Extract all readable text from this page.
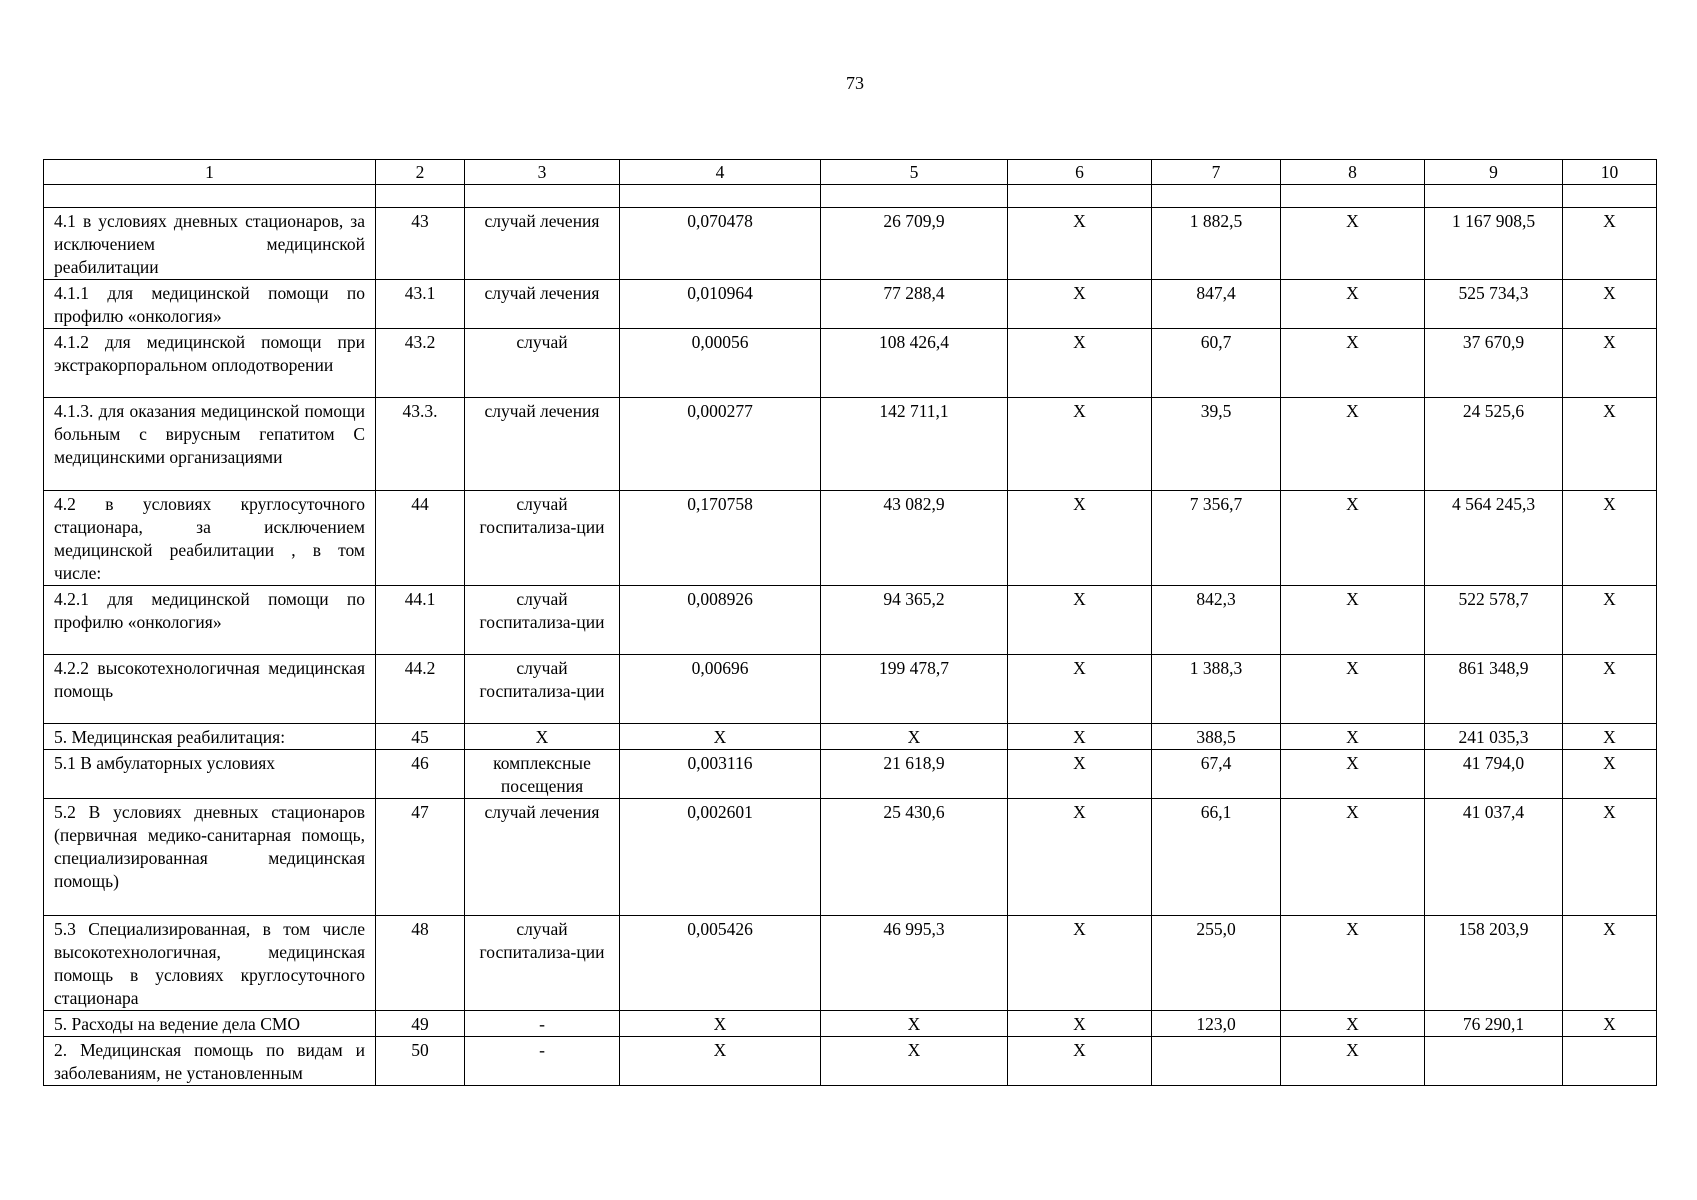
73
1	2	3	4	5	6	7	8	9	10

4.1 в условиях дневных стационаров, за исключением медицинской реабилитации	43	случай лечения	0,070478	26 709,9	X	1 882,5	X	1 167 908,5	X
4.1.1 для медицинской помощи по профилю «онкология»	43.1	случай лечения	0,010964	77 288,4	X	847,4	X	525 734,3	X
4.1.2 для медицинской помощи при экстракорпоральном оплодотворении	43.2	случай	0,00056	108 426,4	X	60,7	X	37 670,9	X
4.1.3. для оказания медицинской помощи больным с вирусным гепатитом С медицинскими организациями	43.3.	случай лечения	0,000277	142 711,1	X	39,5	X	24 525,6	X
4.2 в условиях круглосуточного стационара, за исключением медицинской реабилитации , в том числе:	44	случай госпитализа-ции	0,170758	43 082,9	X	7 356,7	X	4 564 245,3	X
4.2.1 для медицинской помощи по профилю «онкология»	44.1	случай госпитализа-ции	0,008926	94 365,2	X	842,3	X	522 578,7	X
4.2.2 высокотехнологичная медицинская помощь	44.2	случай госпитализа-ции	0,00696	199 478,7	X	1 388,3	X	861 348,9	X
5. Медицинская реабилитация:	45	X	X	X	X	388,5	X	241 035,3	X
5.1 В амбулаторных условиях	46	комплексные посещения	0,003116	21 618,9	X	67,4	X	41 794,0	X
5.2 В условиях дневных стационаров (первичная медико-санитарная помощь, специализированная медицинская помощь)	47	случай лечения	0,002601	25 430,6	X	66,1	X	41 037,4	X
5.3 Специализированная, в том числе высокотехнологичная, медицинская помощь в условиях круглосуточного стационара	48	случай госпитализа-ции	0,005426	46 995,3	X	255,0	X	158 203,9	X
5. Расходы на ведение дела СМО	49	-	X	X	X	123,0	X	76 290,1	X
2. Медицинская помощь по видам и заболеваниям, не установленным	50	-	X	X	X		X		
